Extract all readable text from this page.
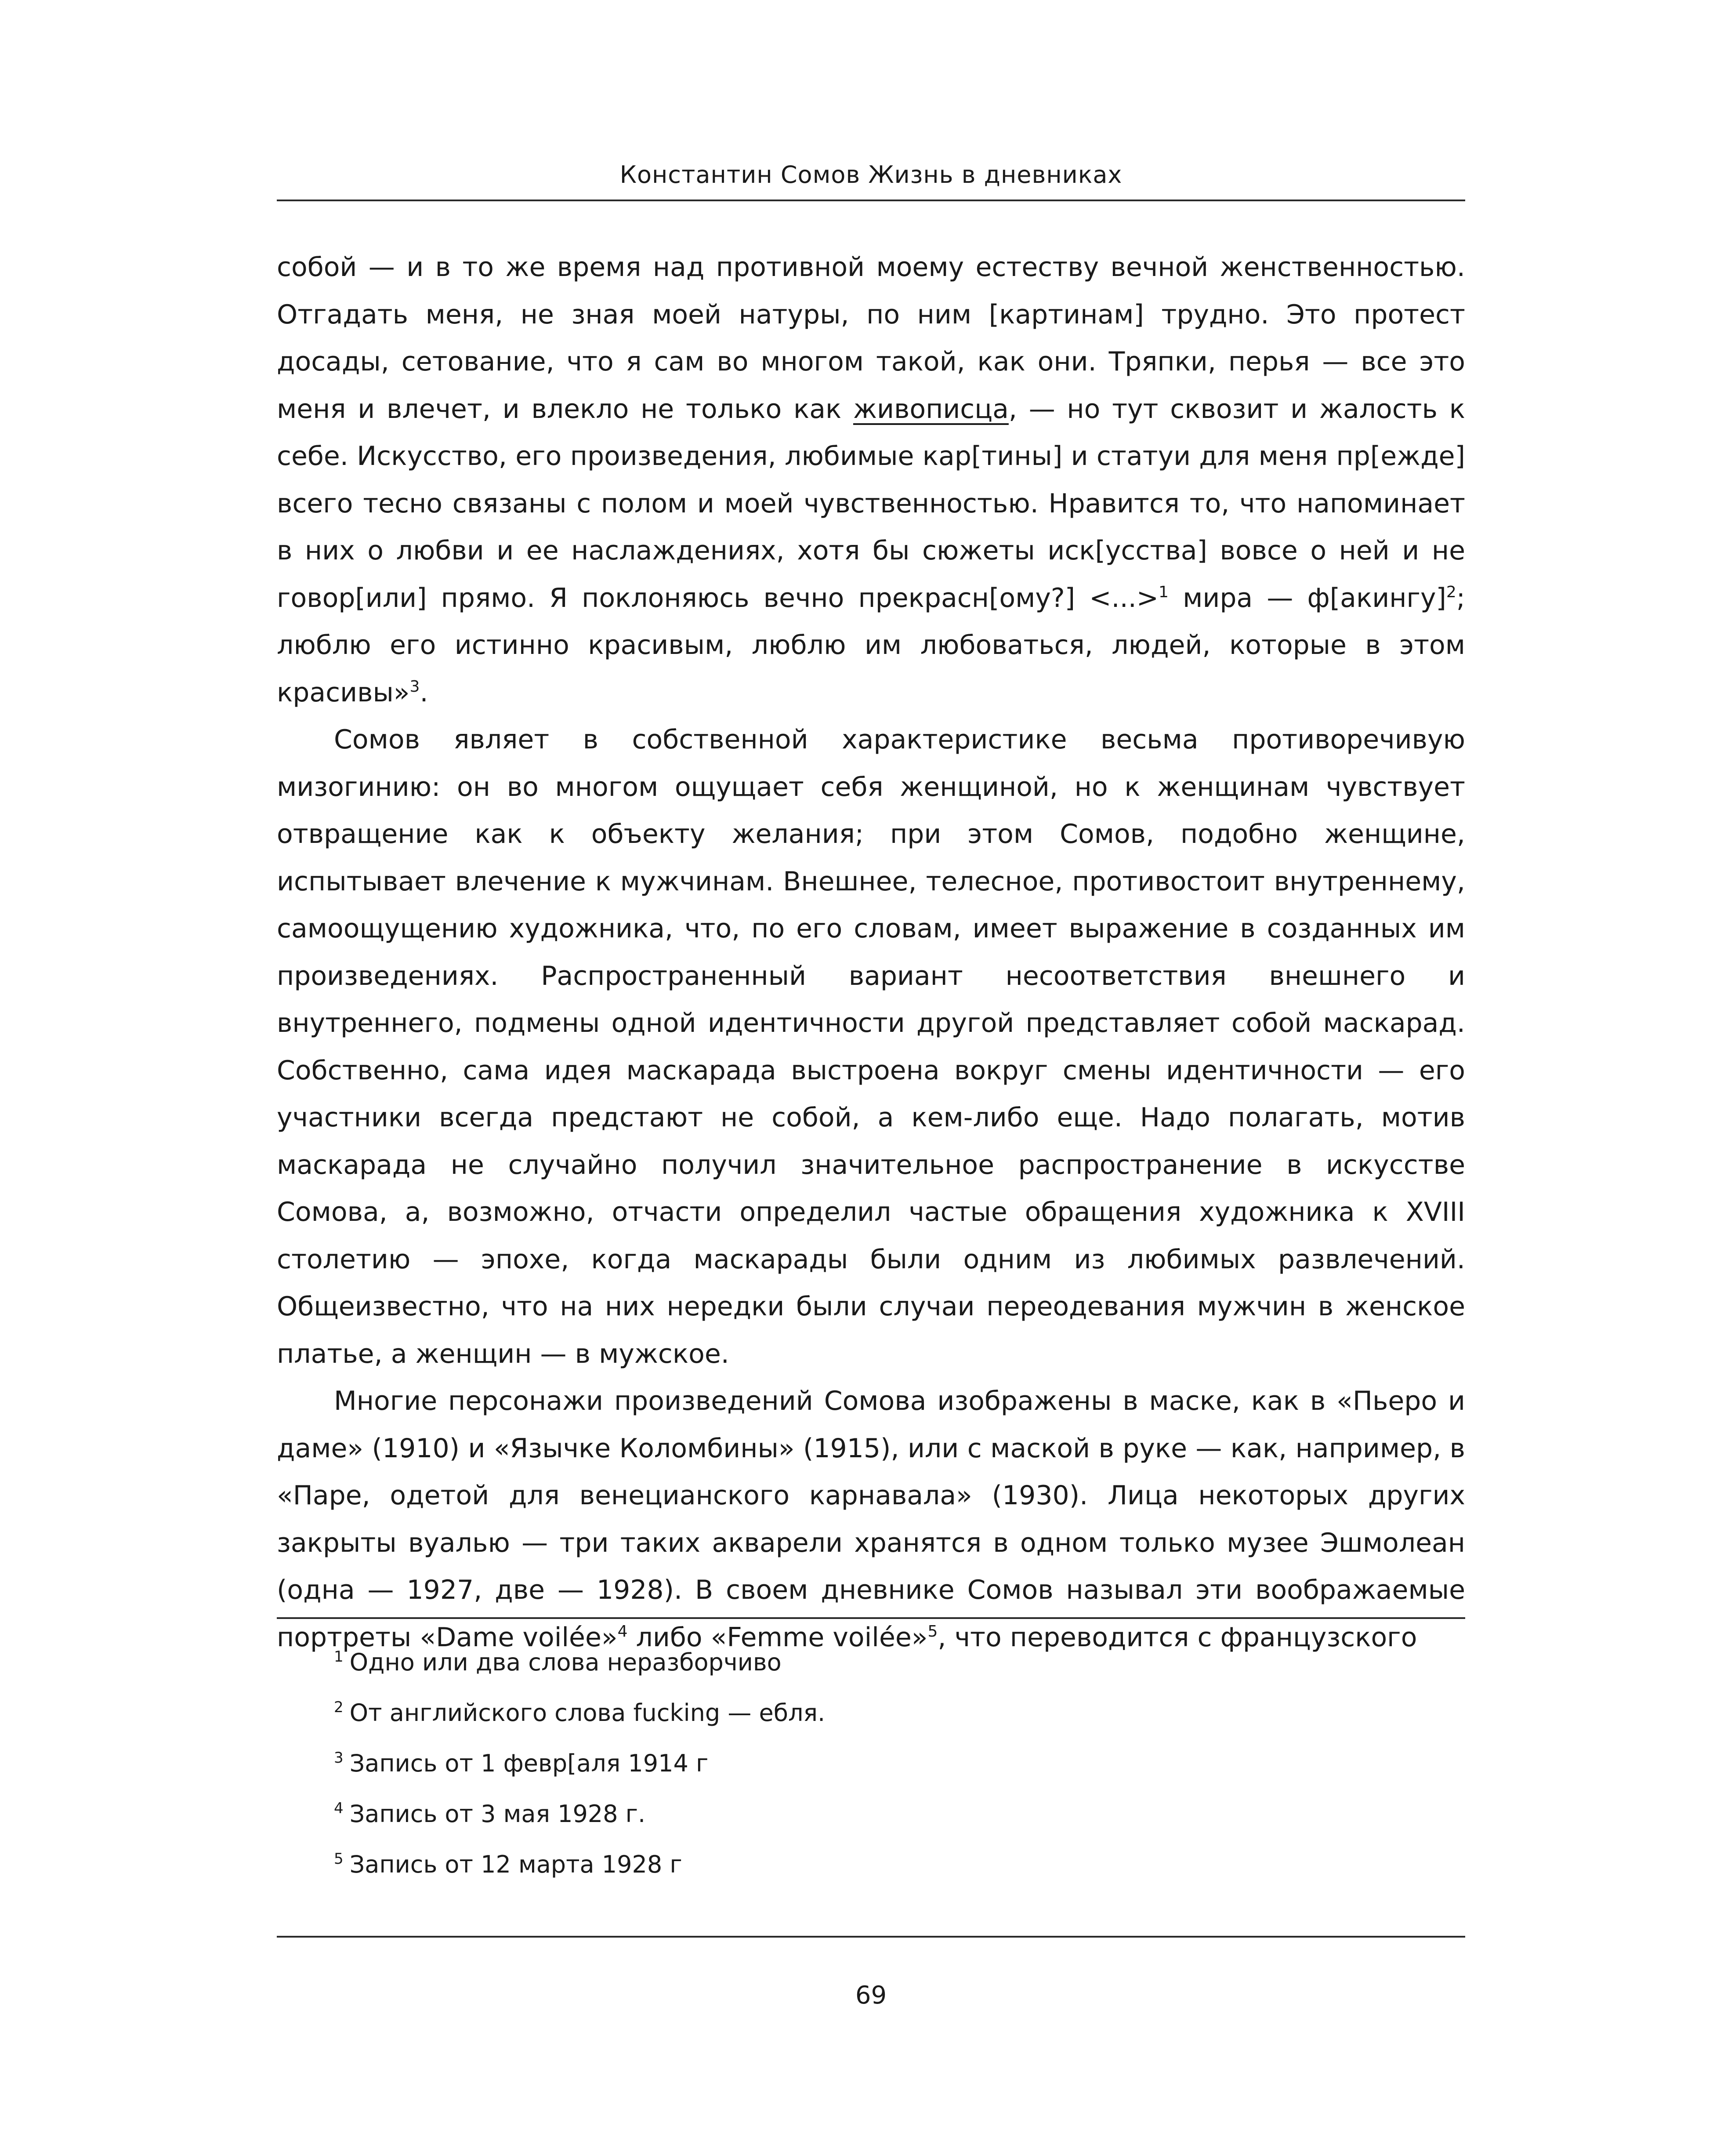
Константин Сомов Жизнь в дневниках

собой — и в то же время над противной моему естеству вечной женственностью. Отгадать меня, не зная моей натуры, по ним [картинам] трудно. Это протест досады, сетование, что я сам во многом такой, как они. Тряпки, перья — все это меня и влечет, и влекло не только как живописца, — но тут сквозит и жалость к себе. Искусство, его произведения, любимые кар[тины] и статуи для меня пр[ежде] всего тесно связаны с полом и моей чувственностью. Нравится то, что напоминает в них о любви и ее наслаждениях, хотя бы сюжеты иск[усства] вовсе о ней и не говор[или] прямо. Я поклоняюсь вечно прекрасн[ому?] <...>$^1$ мира — ф[акингу]$^2$; люблю его истинно красивым, люблю им любоваться, людей, которые в этом красивы»$^3$.

Сомов являет в собственной характеристике весьма противоречивую мизогинию: он во многом ощущает себя женщиной, но к женщинам чувствует отвращение как к объекту желания; при этом Сомов, подобно женщине, испытывает влечение к мужчинам. Внешнее, телесное, противостоит внутреннему, самоощущению художника, что, по его словам, имеет выражение в созданных им произведениях. Распространенный вариант несоответствия внешнего и внутреннего, подмены одной идентичности другой представляет собой маскарад. Собственно, сама идея маскарада выстроена вокруг смены идентичности — его участники всегда предстают не собой, а кем-либо еще. Надо полагать, мотив маскарада не случайно получил значительное распространение в искусстве Сомова, а, возможно, отчасти определил частые обращения художника к XVIII столетию — эпохе, когда маскарады были одним из любимых развлечений. Общеизвестно, что на них нередки были случаи переодевания мужчин в женское платье, а женщин — в мужское.

Многие персонажи произведений Сомова изображены в маске, как в «Пьеро и даме» (1910) и «Язычке Коломбины» (1915), или с маской в руке — как, например, в «Паре, одетой для венецианского карнавала» (1930). Лица некоторых других закрыты вуалью — три таких акварели хранятся в одном только музее Эшмолеан (одна — 1927, две — 1928). В своем дневнике Сомов называл эти воображаемые портреты «Dame voilée»$^4$ либо «Femme voilée»$^5$, что переводится с французского

$^1$ Одно или два слова неразборчиво
$^2$ От английского слова fucking — ебля.
$^3$ Запись от 1 февр[аля 1914 г
$^4$ Запись от 3 мая 1928 г.
$^5$ Запись от 12 марта 1928 г
69
